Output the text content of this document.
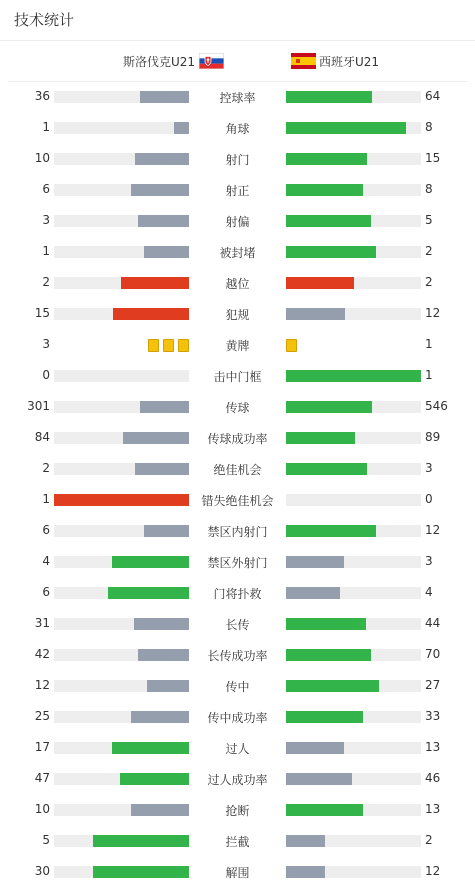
技术统计
斯洛伐克U21	西班牙U21
36	控球率	64
1	角球	8
10	射门	15
6	射正	8
3	射偏	5
1	被封堵	2
2	越位	2
15	犯规	12
3	黄牌	1
0	击中门框	1
301	传球	546
84	传球成功率	89
2	绝佳机会	3
1	错失绝佳机会	0
6	禁区内射门	12
4	禁区外射门	3
6	门将扑救	4
31	长传	44
42	长传成功率	70
12	传中	27
25	传中成功率	33
17	过人	13
47	过人成功率	46
10	抢断	13
5	拦截	2
30	解围	12
